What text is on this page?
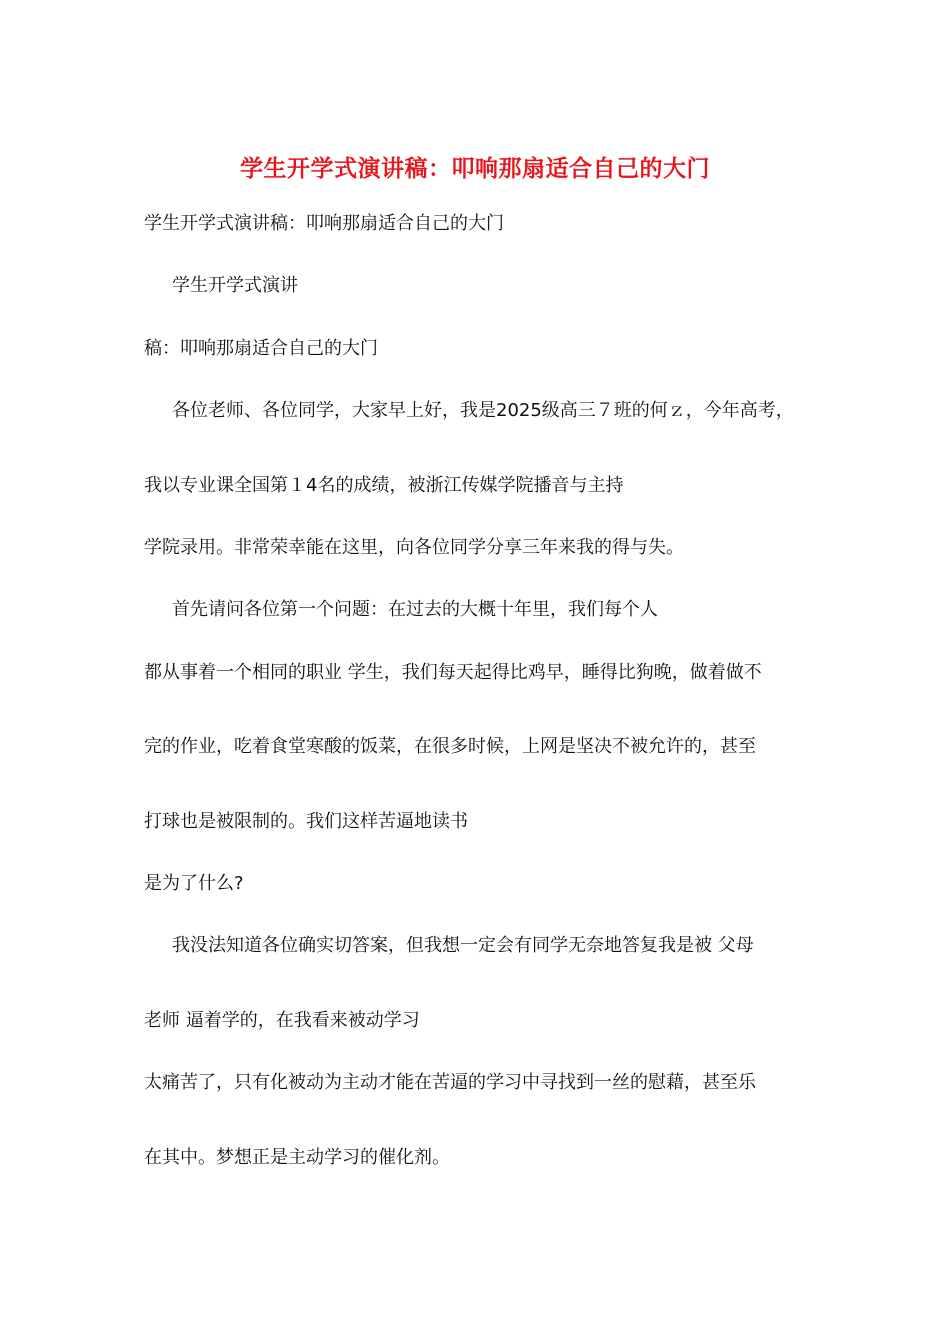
学生开学式演讲稿：叩响那扇适合自己的大门
学生开学式演讲稿：叩响那扇适合自己的大门
学生开学式演讲
稿：叩响那扇适合自己的大门
各位老师、各位同学，大家早上好，我是2025级高三７班的何ｚ，今年高考，
我以专业课全国第１4名的成绩，被浙江传媒学院播音与主持
学院录用。非常荣幸能在这里，向各位同学分享三年来我的得与失。
首先请问各位第一个问题：在过去的大概十年里，我们每个人
都从事着一个相同的职业 学生，我们每天起得比鸡早，睡得比狗晚，做着做不
完的作业，吃着食堂寒酸的饭菜，在很多时候，上网是坚决不被允许的，甚至
打球也是被限制的。我们这样苦逼地读书
是为了什么?
我没法知道各位确实切答案，但我想一定会有同学无奈地答复我是被 父母
老师 逼着学的，在我看来被动学习
太痛苦了，只有化被动为主动才能在苦逼的学习中寻找到一丝的慰藉，甚至乐
在其中。梦想正是主动学习的催化剂。
